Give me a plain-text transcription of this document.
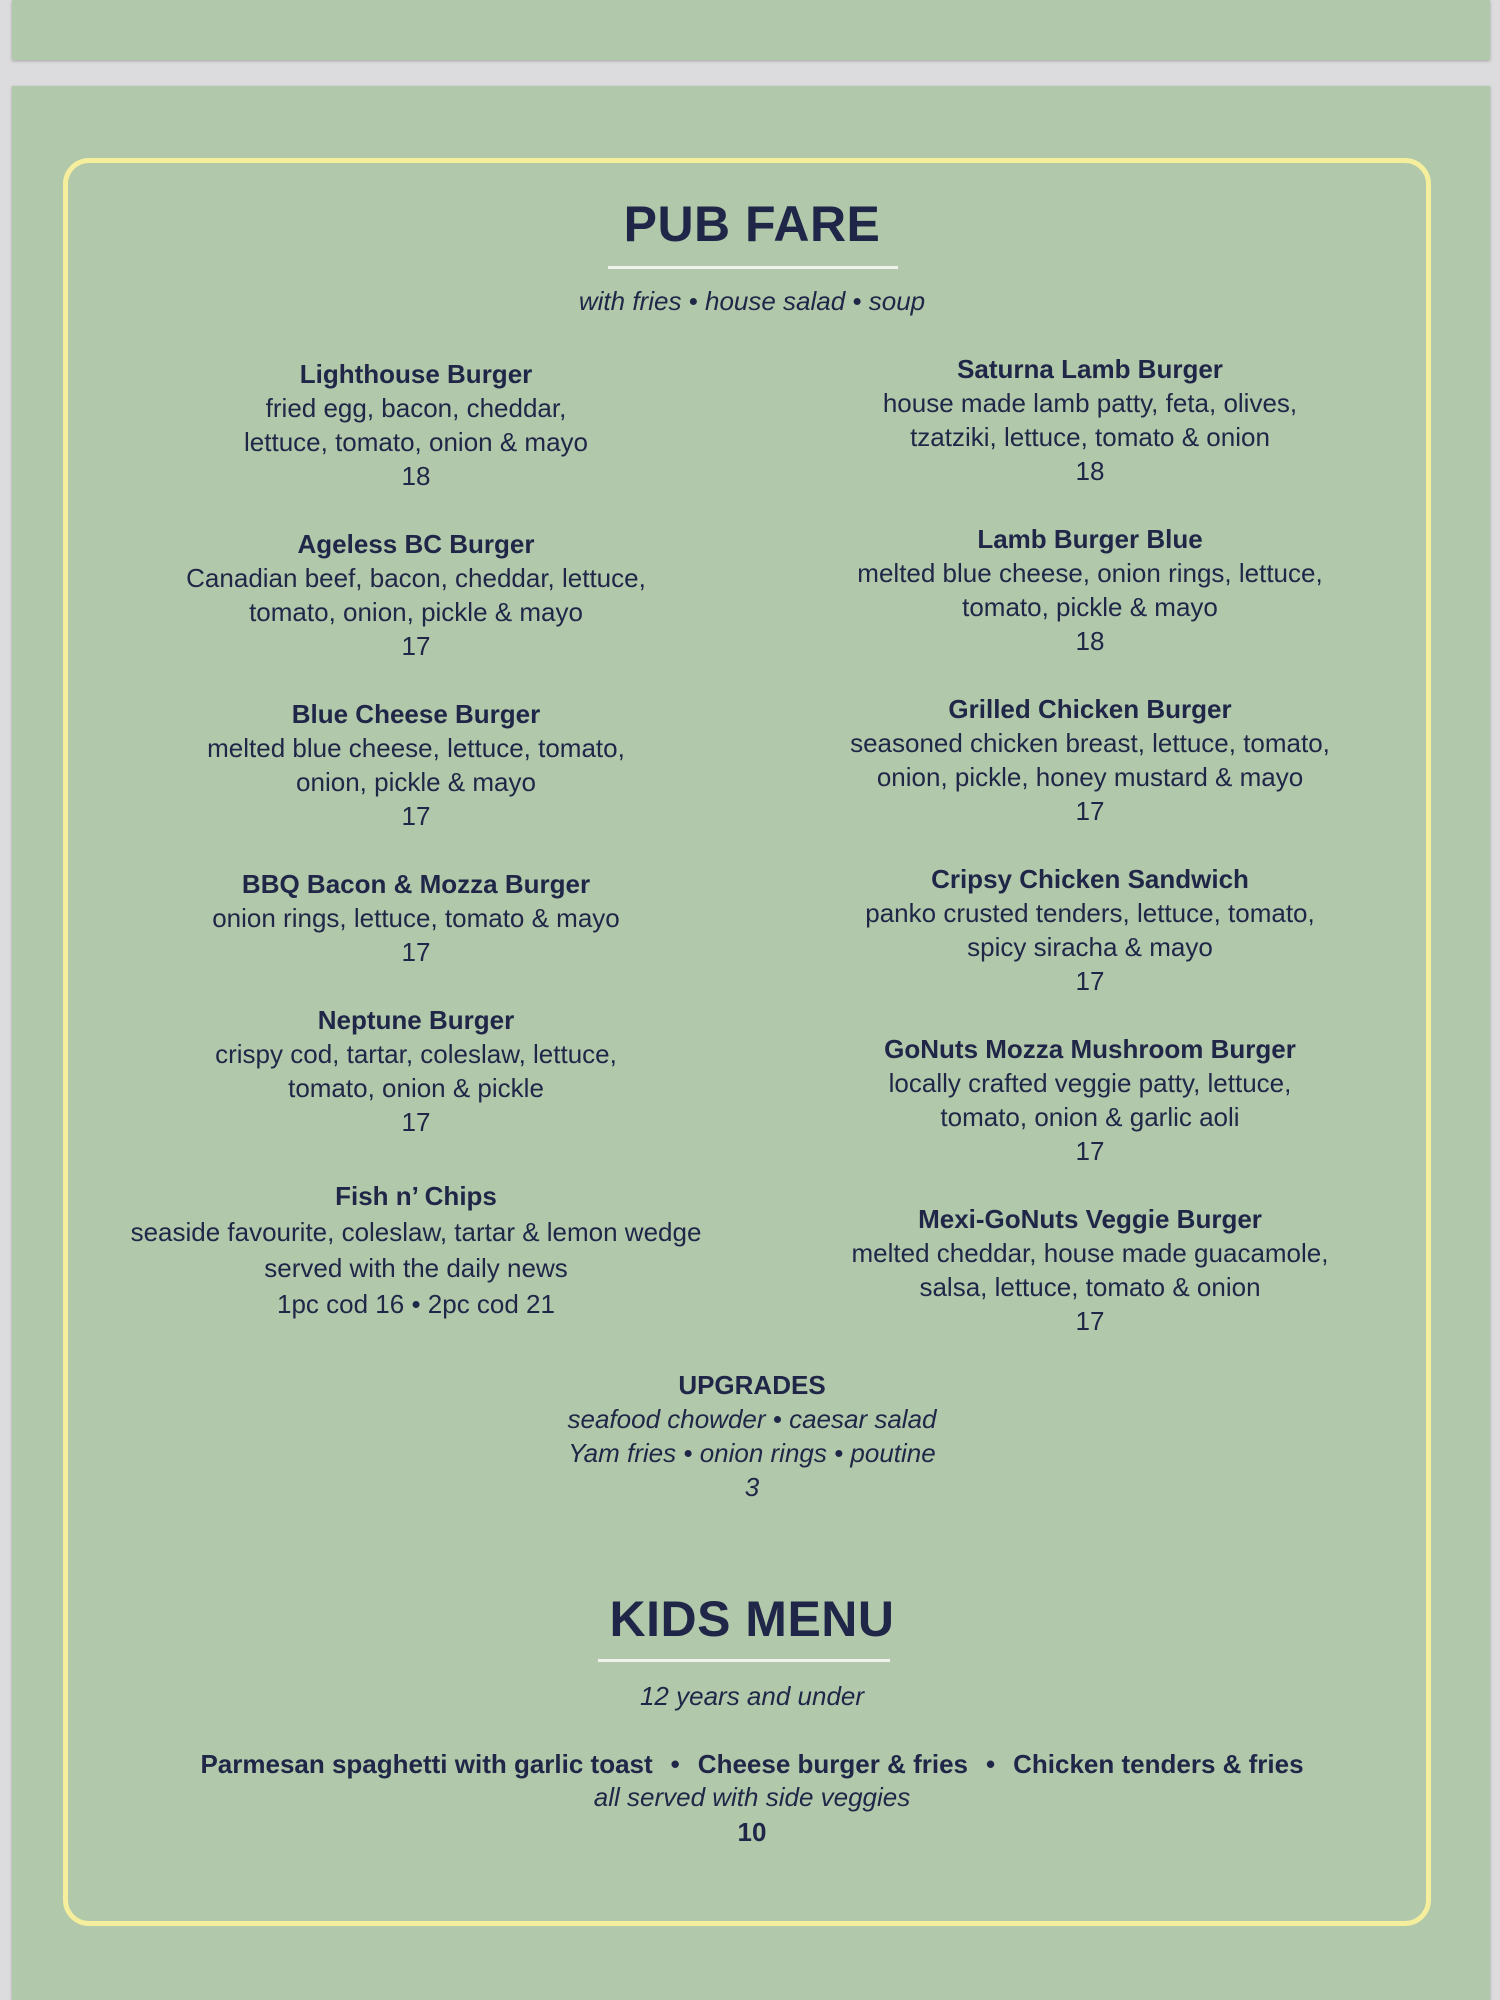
PUB FARE
with fries • house salad • soup
Lighthouse Burger
fried egg, bacon, cheddar,
lettuce, tomato, onion & mayo
18
Ageless BC Burger
Canadian beef, bacon, cheddar, lettuce,
tomato, onion, pickle & mayo
17
Blue Cheese Burger
melted blue cheese, lettuce, tomato,
onion, pickle & mayo
17
BBQ Bacon & Mozza Burger
onion rings, lettuce, tomato & mayo
17
Neptune Burger
crispy cod, tartar, coleslaw, lettuce,
tomato, onion & pickle
17
Fish n’ Chips
seaside favourite, coleslaw, tartar & lemon wedge
served with the daily news
1pc cod 16 • 2pc cod 21
Saturna Lamb Burger
house made lamb patty, feta, olives,
tzatziki, lettuce, tomato & onion
18
Lamb Burger Blue
melted blue cheese, onion rings, lettuce,
tomato, pickle & mayo
18
Grilled Chicken Burger
seasoned chicken breast, lettuce, tomato,
onion, pickle, honey mustard & mayo
17
Cripsy Chicken Sandwich
panko crusted tenders, lettuce, tomato,
spicy siracha & mayo
17
GoNuts Mozza Mushroom Burger
locally crafted veggie patty, lettuce,
tomato, onion & garlic aoli
17
Mexi-GoNuts Veggie Burger
melted cheddar, house made guacamole,
salsa, lettuce, tomato & onion
17
UPGRADES
seafood chowder • caesar salad
Yam fries • onion rings • poutine
3
KIDS MENU
12 years and under
Parmesan spaghetti with garlic toast • Cheese burger & fries • Chicken tenders & fries
all served with side veggies
10
